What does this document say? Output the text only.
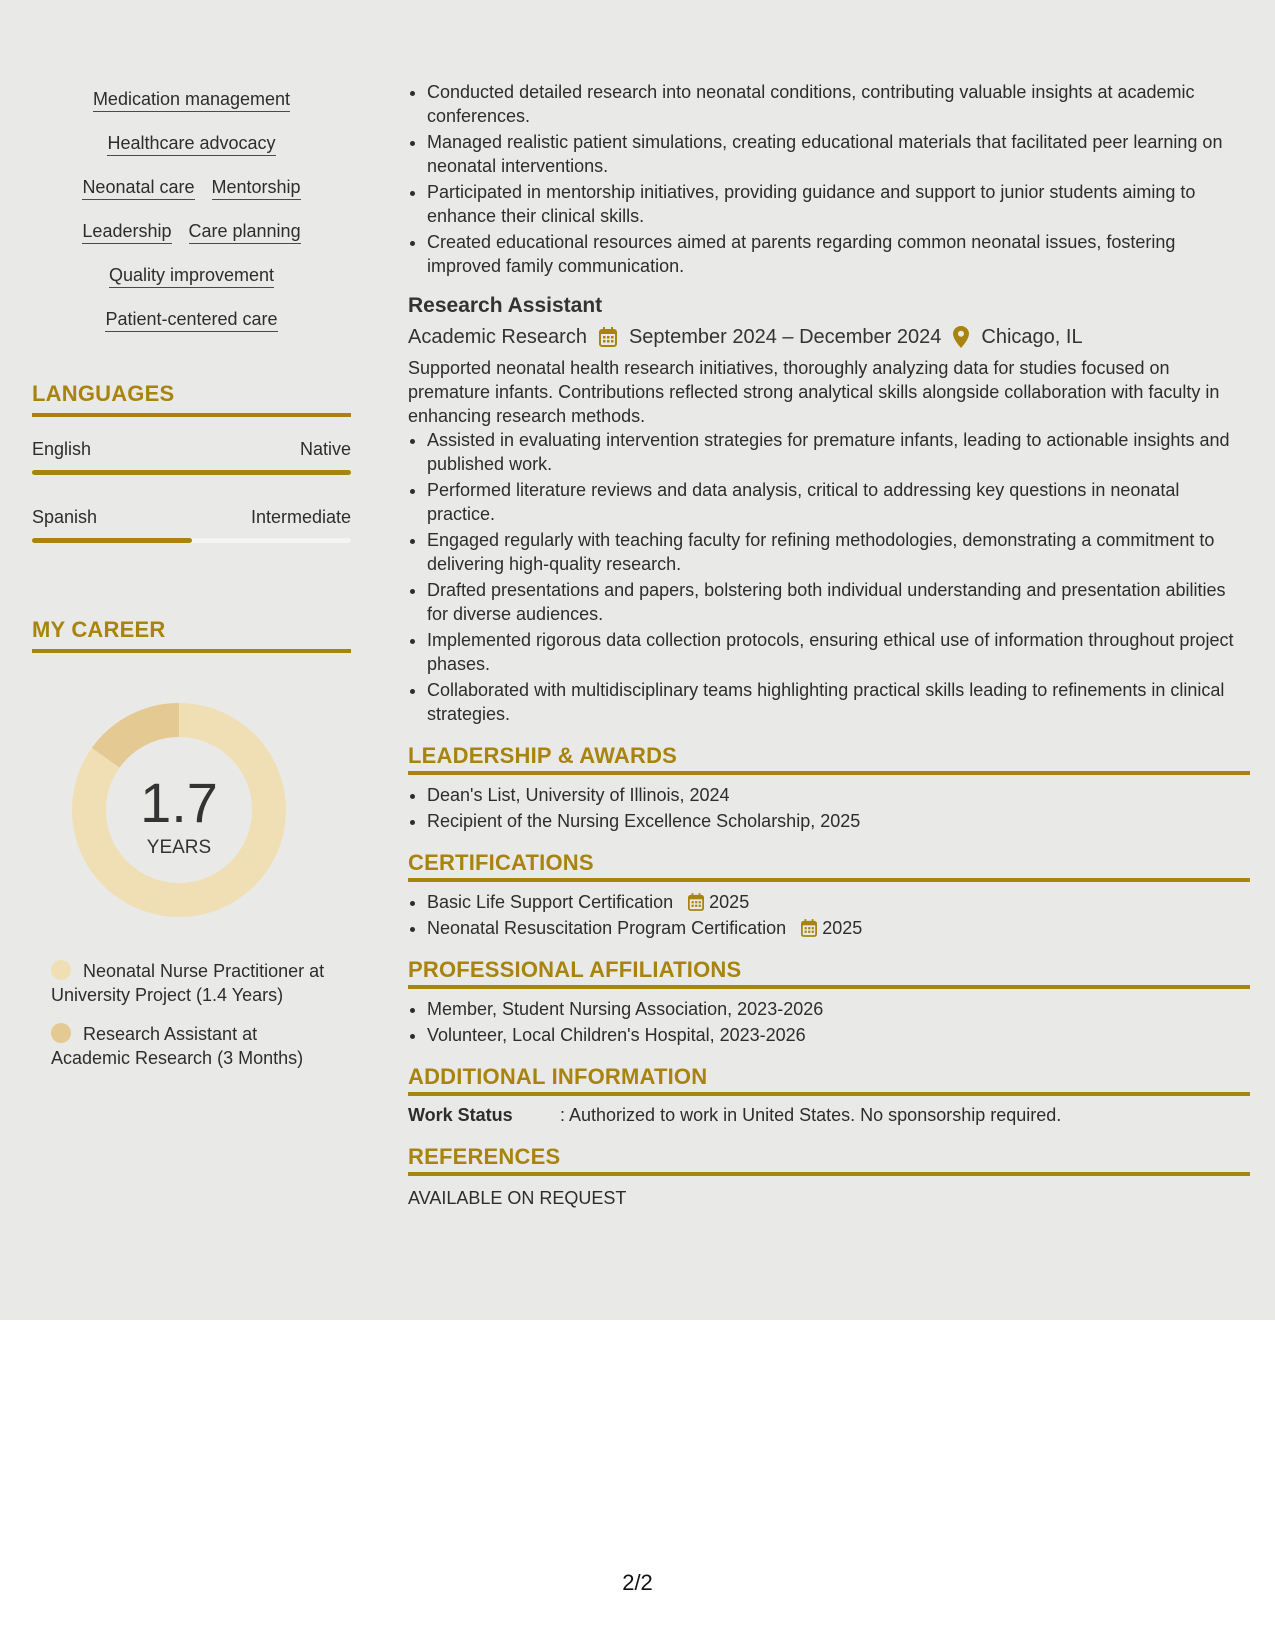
Medication management
Healthcare advocacy
Neonatal care Mentorship
Leadership Care planning
Quality improvement
Patient-centered care
LANGUAGES
English	Native
Spanish	Intermediate
MY CAREER
1.7
YEARS
Neonatal Nurse Practitioner at University Project (1.4 Years)
Research Assistant at Academic Research (3 Months)
• Conducted detailed research into neonatal conditions, contributing valuable insights at academic conferences.
• Managed realistic patient simulations, creating educational materials that facilitated peer learning on neonatal interventions.
• Participated in mentorship initiatives, providing guidance and support to junior students aiming to enhance their clinical skills.
• Created educational resources aimed at parents regarding common neonatal issues, fostering improved family communication.
Research Assistant
Academic Research September 2024 – December 2024 Chicago, IL
Supported neonatal health research initiatives, thoroughly analyzing data for studies focused on premature infants. Contributions reflected strong analytical skills alongside collaboration with faculty in enhancing research methods.
• Assisted in evaluating intervention strategies for premature infants, leading to actionable insights and published work.
• Performed literature reviews and data analysis, critical to addressing key questions in neonatal practice.
• Engaged regularly with teaching faculty for refining methodologies, demonstrating a commitment to delivering high-quality research.
• Drafted presentations and papers, bolstering both individual understanding and presentation abilities for diverse audiences.
• Implemented rigorous data collection protocols, ensuring ethical use of information throughout project phases.
• Collaborated with multidisciplinary teams highlighting practical skills leading to refinements in clinical strategies.
LEADERSHIP & AWARDS
• Dean's List, University of Illinois, 2024
• Recipient of the Nursing Excellence Scholarship, 2025
CERTIFICATIONS
• Basic Life Support Certification 2025
• Neonatal Resuscitation Program Certification 2025
PROFESSIONAL AFFILIATIONS
• Member, Student Nursing Association, 2023-2026
• Volunteer, Local Children's Hospital, 2023-2026
ADDITIONAL INFORMATION
Work Status	: Authorized to work in United States. No sponsorship required.
REFERENCES
AVAILABLE ON REQUEST
2/2
